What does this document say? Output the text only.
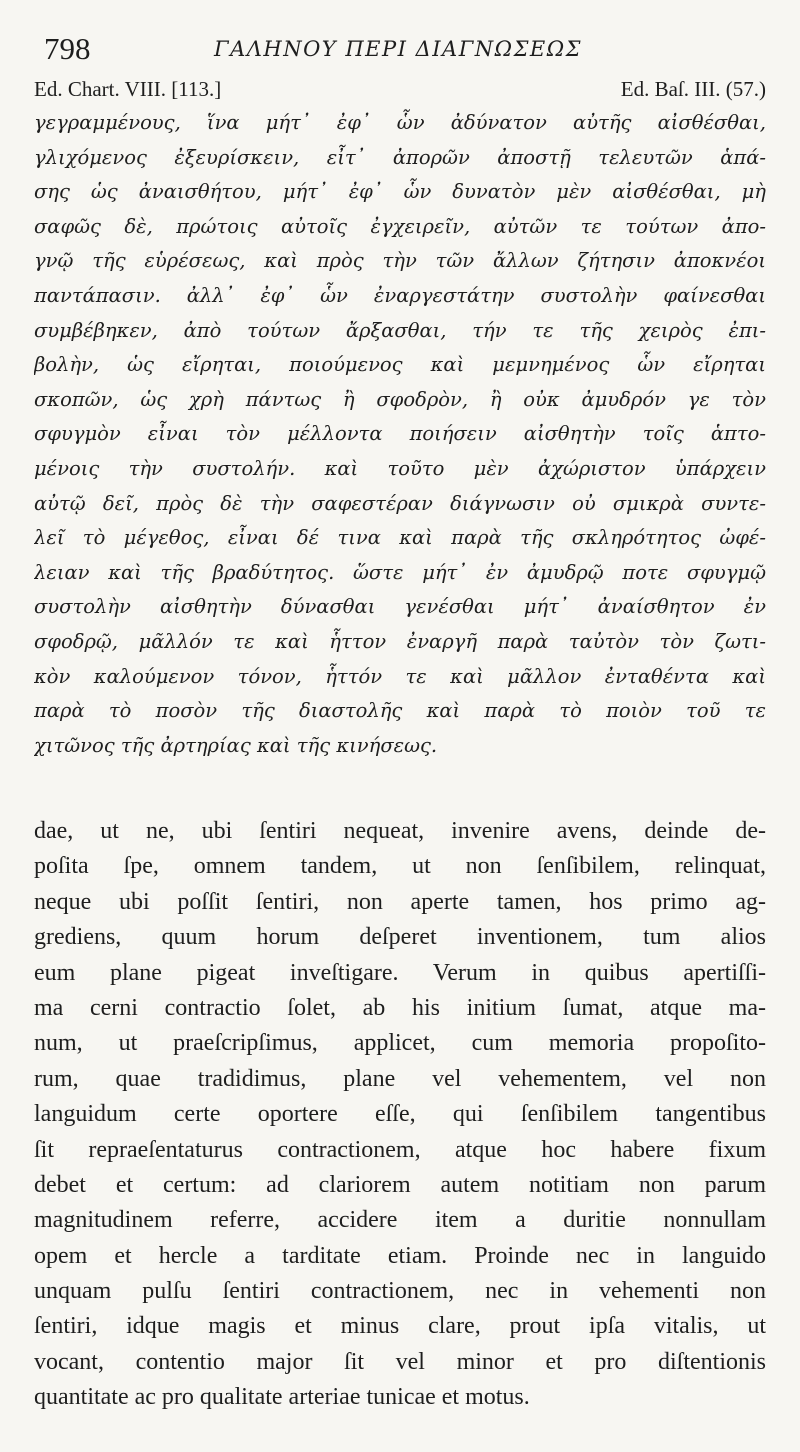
798	ΓΑΛΗΝΟΥ ΠΕΡΙ ΔΙΑΓΝΩΣΕΩΣ
Ed. Chart. VIII. [113.]	Ed. Baſ. III. (57.)
γεγραμμένους, ἵνα μήτ᾽ ἐφ᾽ ὧν ἀδύνατον αὐτῆς αἰσθέσθαι,
γλιχόμενος ἐξευρίσκειν, εἶτ᾽ ἀπορῶν ἀποστῇ τελευτῶν ἁπά-
σης ὡς ἀναισθήτου, μήτ᾽ ἐφ᾽ ὧν δυνατὸν μὲν αἰσθέσθαι, μὴ
σαφῶς δὲ, πρώτοις αὐτοῖς ἐγχειρεῖν, αὐτῶν τε τούτων ἀπο-
γνῷ τῆς εὑρέσεως, καὶ πρὸς τὴν τῶν ἄλλων ζήτησιν ἀποκνέοι
παντάπασιν. ἀλλ᾽ ἐφ᾽ ὧν ἐναργεστάτην συστολὴν φαίνεσθαι
συμβέβηκεν, ἀπὸ τούτων ἄρξασθαι, τήν τε τῆς χειρὸς ἐπι-
βολὴν, ὡς εἴρηται, ποιούμενος καὶ μεμνημένος ὧν εἴρηται
σκοπῶν, ὡς χρὴ πάντως ἢ σφοδρὸν, ἢ οὐκ ἀμυδρόν γε τὸν
σφυγμὸν εἶναι τὸν μέλλοντα ποιήσειν αἰσθητὴν τοῖς ἁπτο-
μένοις τὴν συστολήν. καὶ τοῦτο μὲν ἀχώριστον ὑπάρχειν
αὐτῷ δεῖ, πρὸς δὲ τὴν σαφεστέραν διάγνωσιν οὐ σμικρὰ συντε-
λεῖ τὸ μέγεθος, εἶναι δέ τινα καὶ παρὰ τῆς σκληρότητος ὠφέ-
λειαν καὶ τῆς βραδύτητος. ὥστε μήτ᾽ ἐν ἀμυδρῷ ποτε σφυγμῷ
συστολὴν αἰσθητὴν δύνασθαι γενέσθαι μήτ᾽ ἀναίσθητον ἐν
σφοδρῷ, μᾶλλόν τε καὶ ἧττον ἐναργῆ παρὰ ταὐτὸν τὸν ζωτι-
κὸν καλούμενον τόνον, ἧττόν τε καὶ μᾶλλον ἐνταθέντα καὶ
παρὰ τὸ ποσὸν τῆς διαστολῆς καὶ παρὰ τὸ ποιὸν τοῦ τε
χιτῶνος τῆς ἀρτηρίας καὶ τῆς κινήσεως.
dae, ut ne, ubi ſentiri nequeat, invenire avens, deinde de-
poſita ſpe, omnem tandem, ut non ſenſibilem, relinquat,
neque ubi poſſit ſentiri, non aperte tamen, hos primo ag-
grediens, quum horum deſperet inventionem, tum alios
eum plane pigeat inveſtigare. Verum in quibus apertiſſi-
ma cerni contractio ſolet, ab his initium ſumat, atque ma-
num, ut praeſcripſimus, applicet, cum memoria propoſito-
rum, quae tradidimus, plane vel vehementem, vel non
languidum certe oportere eſſe, qui ſenſibilem tangentibus
ſit repraeſentaturus contractionem, atque hoc habere fixum
debet et certum: ad clariorem autem notitiam non parum
magnitudinem referre, accidere item a duritie nonnullam
opem et hercle a tarditate etiam. Proinde nec in languido
unquam pulſu ſentiri contractionem, nec in vehementi non
ſentiri, idque magis et minus clare, prout ipſa vitalis, ut
vocant, contentio major ſit vel minor et pro diſtentionis
quantitate ac pro qualitate arteriae tunicae et motus.
